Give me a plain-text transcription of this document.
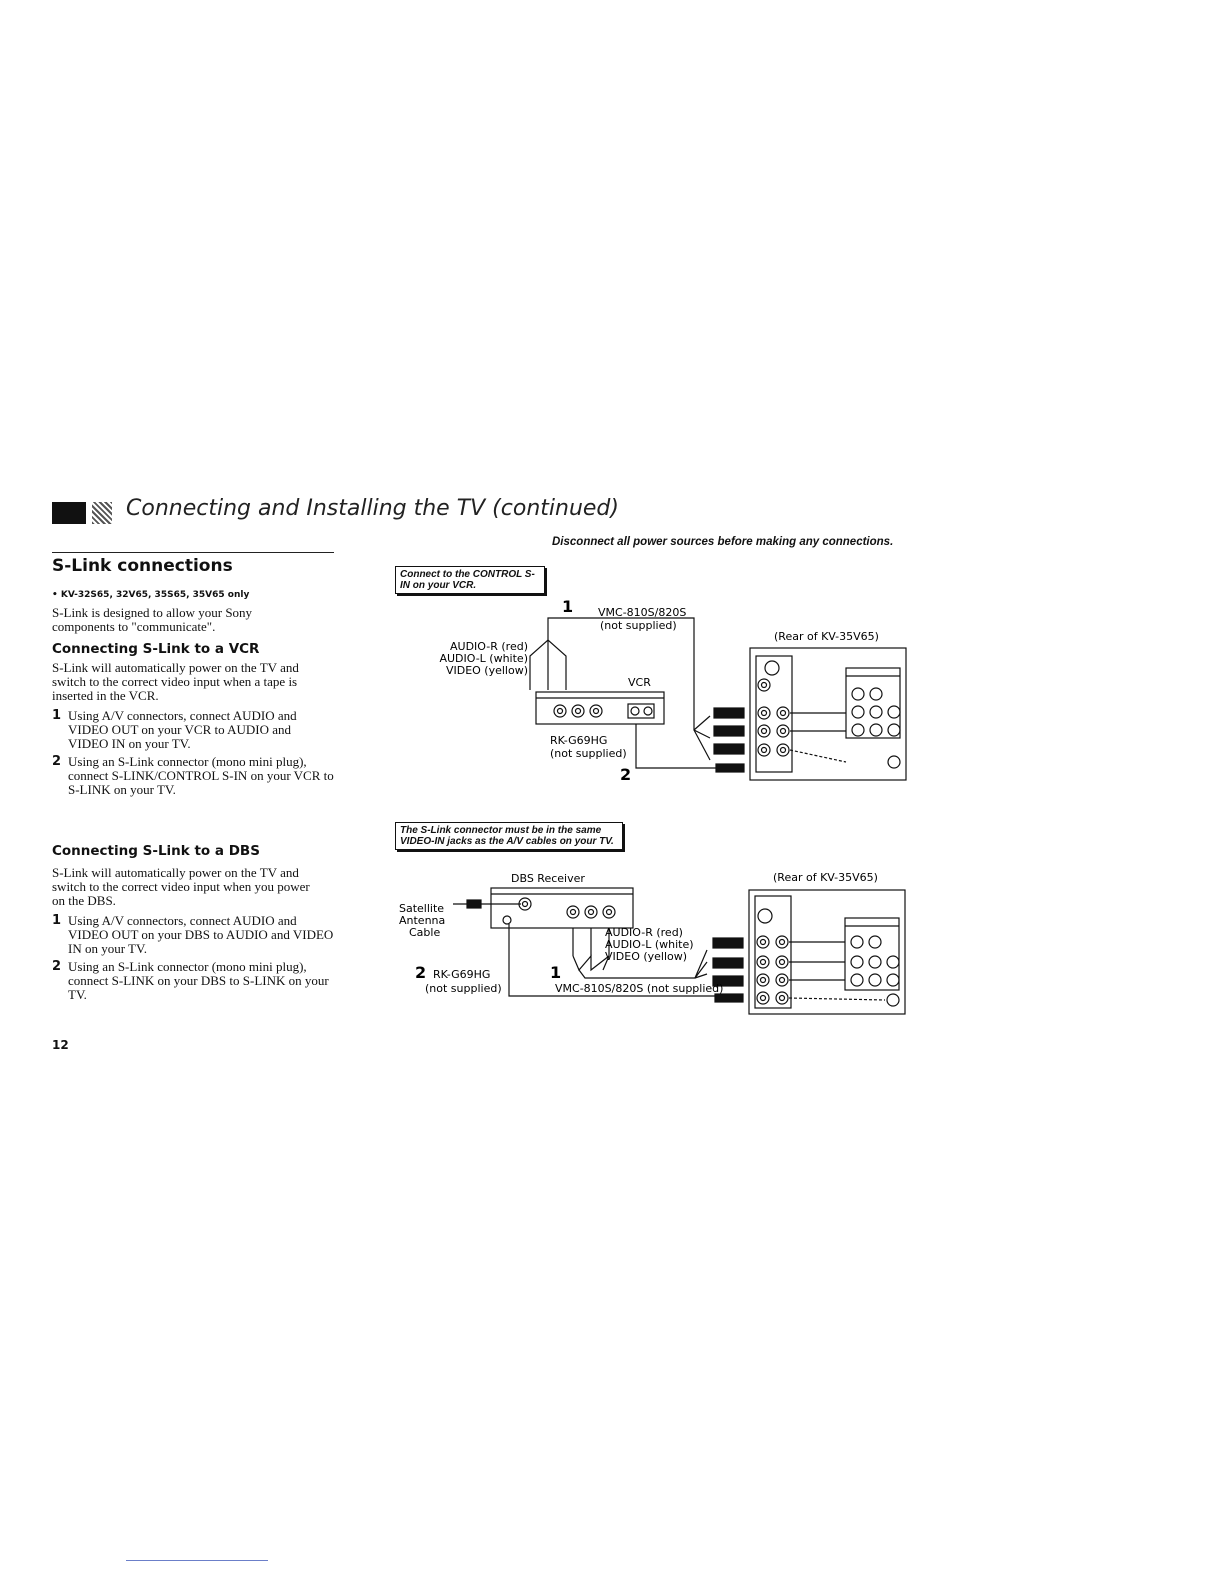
Connecting and Installing the TV (continued)
S-Link connections
Disconnect all power sources before making any connections.
• KV-32S65, 32V65, 35S65, 35V65 only

S-Link is designed to allow your Sony components to "communicate".

Connecting S-Link to a VCR

S-Link will automatically power on the TV and switch to the correct video input when a tape is inserted in the VCR.

1 Using A/V connectors, connect AUDIO and VIDEO OUT on your VCR to AUDIO and VIDEO IN on your TV.
2 Using an S-Link connector (mono mini plug), connect S-LINK/CONTROL S-IN on your VCR to S-LINK on your TV.
Connecting S-Link to a DBS

S-Link will automatically power on the TV and switch to the correct video input when you power on the DBS.

1 Using A/V connectors, connect AUDIO and VIDEO OUT on your DBS to AUDIO and VIDEO IN on your TV.
2 Using an S-Link connector (mono mini plug), connect S-LINK on your DBS to S-LINK on your TV.
12
Connect to the CONTROL S-IN on your VCR.
1
2
AUDIO-R (red)
AUDIO-L (white)
VIDEO (yellow)
VMC-810S/820S
(not supplied)
VCR
RK-G69HG
(not supplied)
(Rear of KV-35V65)
The S-Link connector must be in the same VIDEO-IN jacks as the A/V cables on your TV.
DBS Receiver
Satellite
Antenna
Cable	AUDIO-R (red)
AUDIO-L (white)
VIDEO (yellow)
2 RK-G69HG
(not supplied)
1
VMC-810S/820S (not supplied)
(Rear of KV-35V65)
